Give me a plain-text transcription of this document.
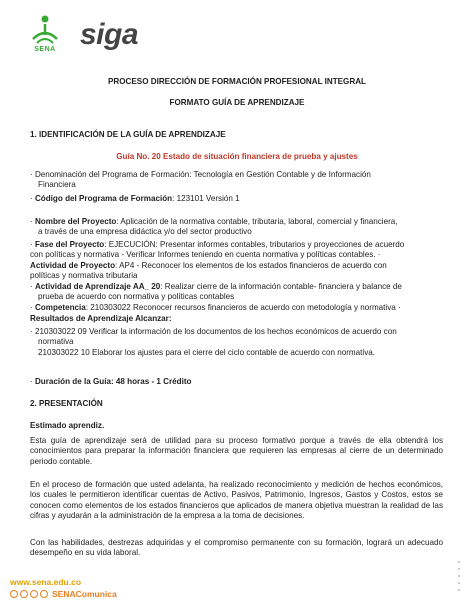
SENA siga
PROCESO DIRECCIÓN DE FORMACIÓN PROFESIONAL INTEGRAL
FORMATO GUÍA DE APRENDIZAJE
1. IDENTIFICACIÓN DE LA GUÍA DE APRENDIZAJE
Guía No. 20 Estado de situación financiera de prueba y ajustes
· Denominación del Programa de Formación: Tecnología en Gestión Contable y de Información
Financiera
· Código del Programa de Formación: 123101 Versión 1
· Nombre del Proyecto: Aplicación de la normativa contable, tributaria, laboral, comercial y financiera,
a través de una empresa didáctica y/o del sector productivo
· Fase del Proyecto: EJECUCIÓN: Presentar informes contables, tributarios y proyecciones de acuerdo
con políticas y normativa - Verificar Informes teniendo en cuenta normativa y políticas contables. ·
Actividad de Proyecto: AP4 - Reconocer los elementos de los estados financieros de acuerdo con
políticas y normativa tributaria
· Actividad de Aprendizaje AA_ 20: Realizar cierre de la información contable- financiera y balance de
prueba de acuerdo con normativa y políticas contables
· Competencia: 210303022 Reconocer recursos financieros de acuerdo con metodología y normativa ·
Resultados de Aprendizaje Alcanzar:
· 210303022 09 Verificar la información de los documentos de los hechos económicos de acuerdo con
normativa
210303022 10 Elaborar los ajustes para el cierre del ciclo contable de acuerdo con normativa.
· Duración de la Guía: 48 horas - 1 Crédito
2. PRESENTACIÓN
Estimado aprendiz.
Esta guía de aprendizaje será de utilidad para su proceso formativo porque a través de ella obtendrá los conocimientos para preparar la información financiera que requieren las empresas al cierre de un determinado periodo contable.
En el proceso de formación que usted adelanta, ha realizado reconocimiento y medición de hechos económicos, los cuales le permitieron identificar cuentas de Activo, Pasivos, Patrimonio, Ingresos, Gastos y Costos, estos se conocen como elementos de los estados financieros que aplicados de manera objetiva muestran la realidad de las cifras y ayudarán a la administración de la empresa a la toma de decisiones.
Con las habilidades, destrezas adquiridas y el compromiso permanente con su formación, logrará un adecuado desempeño en su vida laboral.
www.sena.edu.co
SENAComunica
